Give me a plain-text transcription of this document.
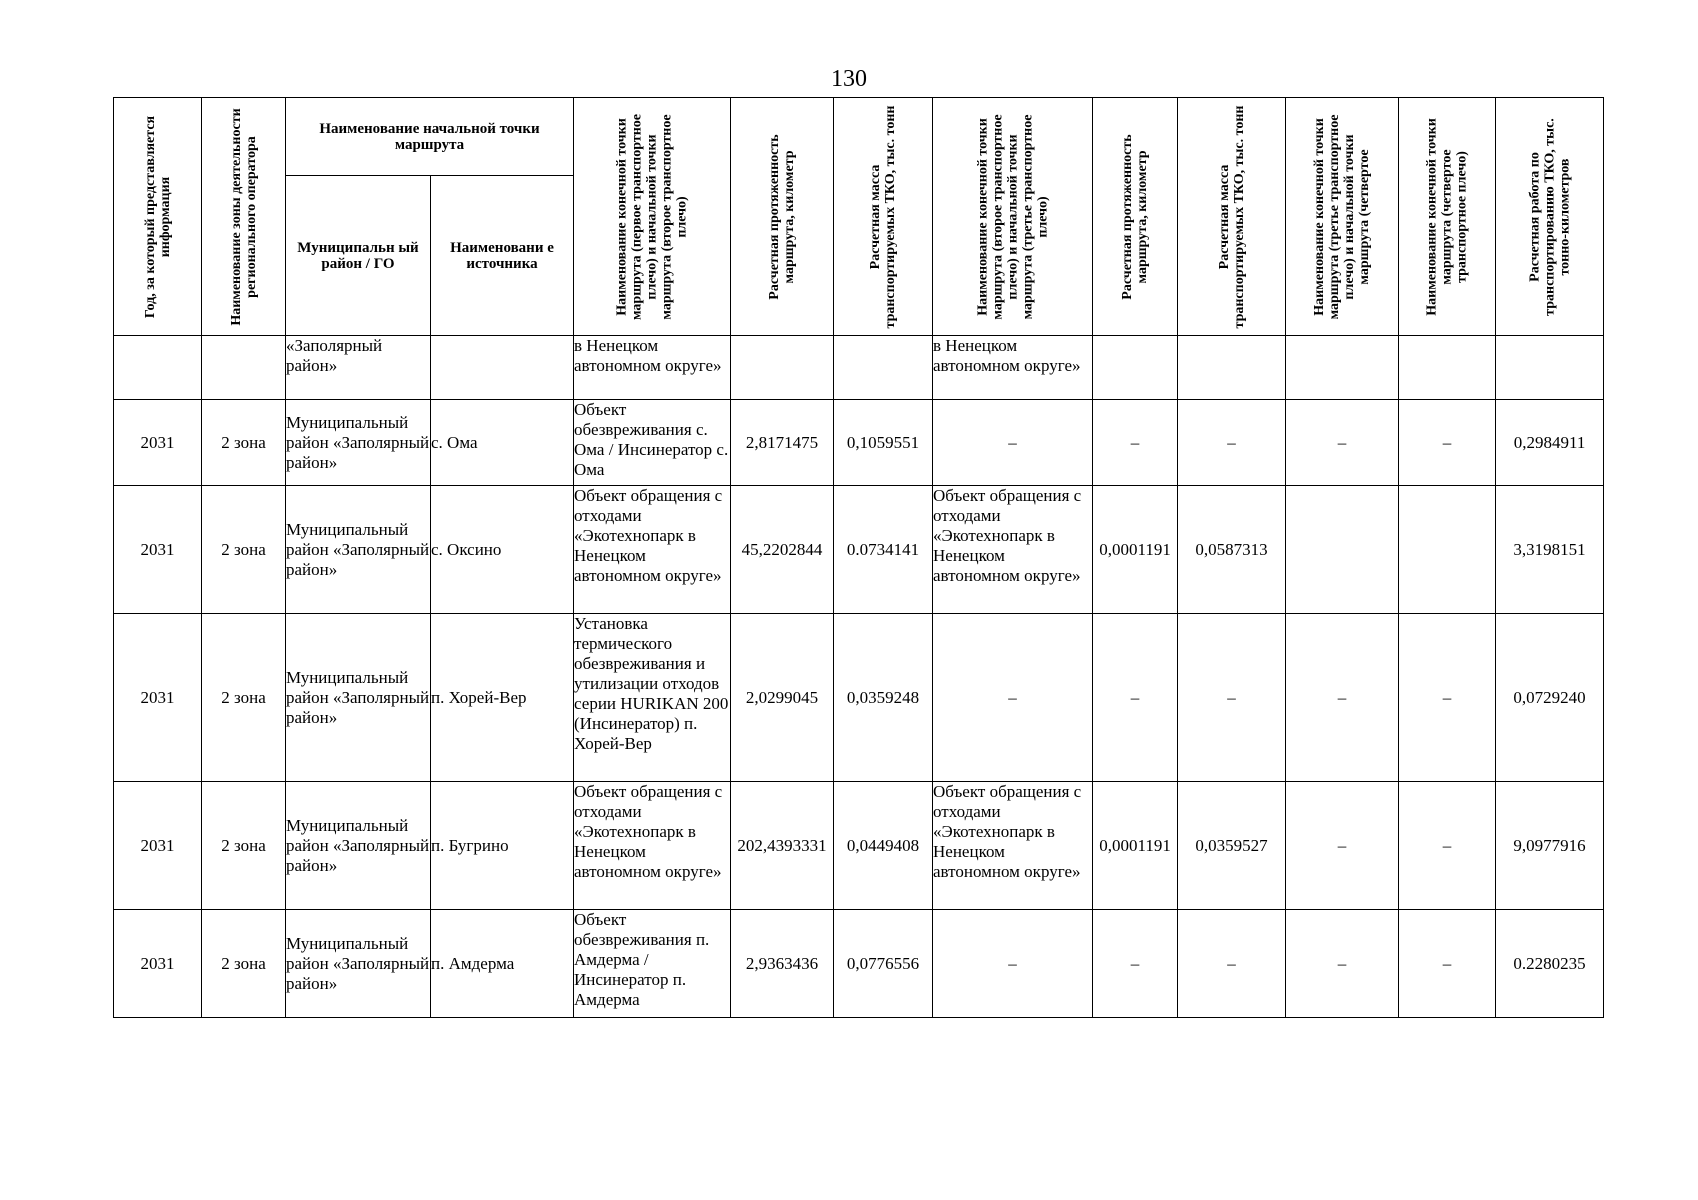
130
Год, за который представляется информация	Наименование зоны деятельности регионального оператора	Наименование начальной точки маршрута		Наименование конечной точки маршрута (первое транспортное плечо) и начальной точки маршрута (второе транспортное плечо)	Расчетная протяженность маршрута, километр	Расчетная масса транспортируемых ТКО, тыс. тонн	Наименование конечной точки маршрута (второе транспортное плечо) и начальной точки маршрута (третье транспортное плечо)	Расчетная протяженность маршрута, километр	Расчетная масса транспортируемых ТКО, тыс. тонн	Наименование конечной точки маршрута (третье транспортное плечо) и начальной точки маршрута (четвертое	Наименование конечной точки маршрута (четвертое транспортное плечо)	Расчетная работа по транспортированию ТКО, тыс. тонно-километров

		Муниципальн ый район / ГО	Наименовани е источника									
		«Заполярный район»		в Ненецком автономном округе»			в Ненецком автономном округе»					
2031	2 зона	Муниципальный район «Заполярный район»	с. Ома	Объект обезвреживания с. Ома / Инсинератор с. Ома	2,8171475	0,1059551	–	–	–	–	–	0,2984911
2031	2 зона	Муниципальный район «Заполярный район»	с. Оксино	Объект обращения с отходами «Экотехнопарк в Ненецком автономном округе»	45,2202844	0.0734141	Объект обращения с отходами «Экотехнопарк в Ненецком автономном округе»	0,0001191	0,0587313			3,3198151
2031	2 зона	Муниципальный район «Заполярный район»	п. Хорей-Вер	Установка термического обезвреживания и утилизации отходов серии HURIKAN 200 (Инсинератор) п. Хорей-Вер	2,0299045	0,0359248	–	–	–	–	–	0,0729240
2031	2 зона	Муниципальный район «Заполярный район»	п. Бугрино	Объект обращения с отходами «Экотехнопарк в Ненецком автономном округе»	202,4393331	0,0449408	Объект обращения с отходами «Экотехнопарк в Ненецком автономном округе»	0,0001191	0,0359527	–	–	9,0977916
2031	2 зона	Муниципальный район «Заполярный район»	п. Амдерма	Объект обезвреживания п. Амдерма / Инсинератор п. Амдерма	2,9363436	0,0776556	–	–	–	–	–	0.2280235
